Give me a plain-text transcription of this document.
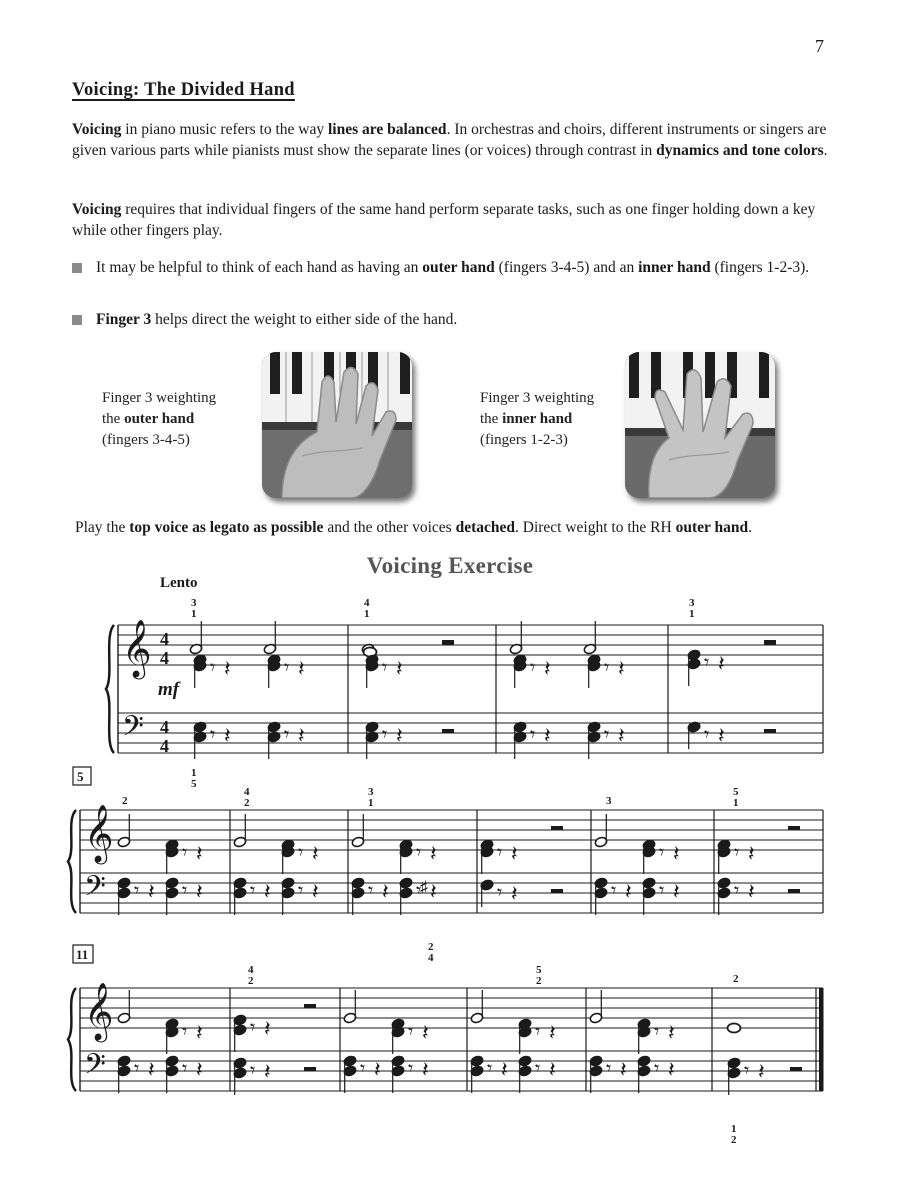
7
Voicing: The Divided Hand
Voicing in piano music refers to the way lines are balanced. In orchestras and choirs, different instruments or singers are given various parts while pianists must show the separate lines (or voices) through contrast in dynamics and tone colors.
Voicing requires that individual fingers of the same hand perform separate tasks, such as one finger holding down a key while other fingers play.
It may be helpful to think of each hand as having an outer hand (fingers 3-4-5) and an inner hand (fingers 1-2-3).
Finger 3 helps direct the weight to either side of the hand.
Finger 3 weighting
the outer hand
(fingers 3-4-5)
Finger 3 weighting
the inner hand
(fingers 1-2-3)
Play the top voice as legato as possible and the other voices detached. Direct weight to the RH outer hand.
Voicing Exercise
Lento
𝄞
𝄢
4
4
4
4
mf
𝄾 𝄽	𝄾 𝄽
𝄾 𝄽	𝄾 𝄽
𝄾 𝄽
𝄾 𝄽
𝄾 𝄽	𝄾 𝄽
𝄾 𝄽	𝄾 𝄽
𝄾 𝄽
𝄾 𝄽
3
1
4
1
3
1
1
5
𝄞
𝄢
5
𝄾 𝄽
𝄾 𝄽 𝄾 𝄽
𝄾 𝄽
𝄾 𝄽 𝄾 𝄽
𝄾 𝄽
𝄾 𝄽 𝄾 𝄽
𝄾 𝄽
𝄾 𝄽
𝄾 𝄽
𝄾 𝄽 𝄾 𝄽
𝄾 𝄽
𝄾 𝄽
2
4
2
3
1	3
5
1
2
4
♯
𝄞
𝄢
11
𝄾 𝄽
𝄾 𝄽 𝄾 𝄽
𝄾 𝄽
𝄾 𝄽
𝄾 𝄽
𝄾 𝄽 𝄾 𝄽
𝄾 𝄽
𝄾 𝄽 𝄾 𝄽
𝄾 𝄽
𝄾 𝄽 𝄾 𝄽	𝄾 𝄽
4
2
5
2	2
1
2
